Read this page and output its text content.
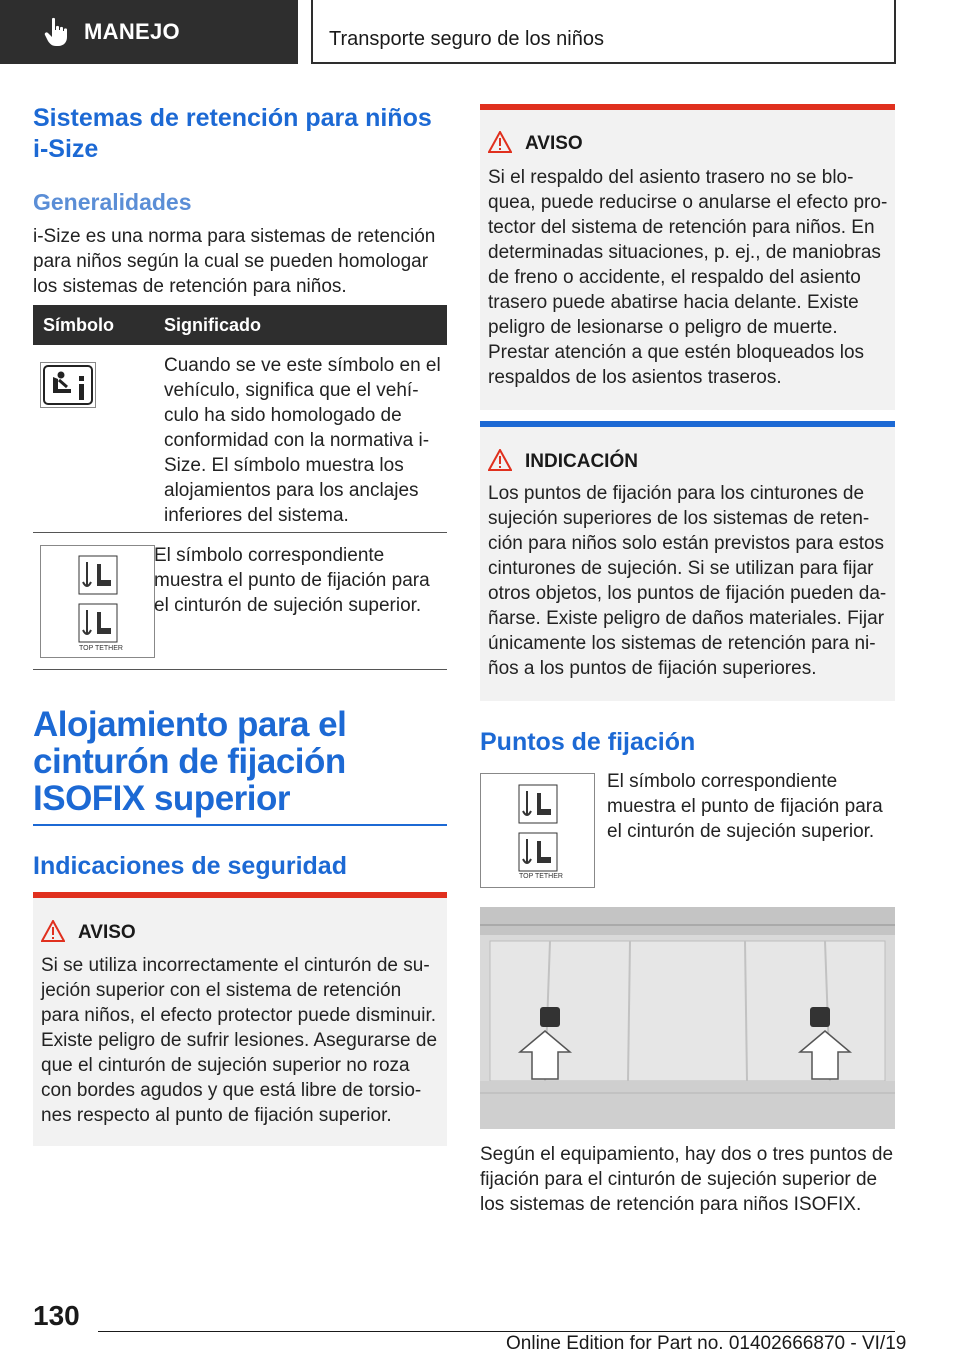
MANEJO	Transporte seguro de los niños
Sistemas de retención para niños i-Size
Generalidades

i-Size es una norma para sistemas de retención para niños según la cual se pueden homologar los sistemas de retención para niños.

Símbolo	Significado

Cuando se ve este símbolo en el vehículo, significa que el vehículo ha sido homologado de conformidad con la normativa i-Size. El símbolo muestra los alojamientos para los anclajes inferiores del sistema.

TOP TETHER

El símbolo correspondiente muestra el punto de fijación para el cinturón de sujeción superior.

Alojamiento para el cinturón de fijación ISOFIX superior
Indicaciones de seguridad
AVISO

Si se utiliza incorrectamente el cinturón de sujeción superior con el sistema de retención para niños, el efecto protector puede disminuir. Existe peligro de sufrir lesiones. Asegurarse de que el cinturón de sujeción superior no roza con bordes agudos y que está libre de torsiones respecto al punto de fijación superior.

AVISO

Si el respaldo del asiento trasero no se bloquea, puede reducirse o anularse el efecto protector del sistema de retención para niños. En determinadas situaciones, p. ej., de maniobras de freno o accidente, el respaldo del asiento trasero puede abatirse hacia delante. Existe peligro de lesionarse o peligro de muerte. Prestar atención a que estén bloqueados los respaldos de los asientos traseros.

INDICACIÓN

Los puntos de fijación para los cinturones de sujeción superiores de los sistemas de retención para niños solo están previstos para estos cinturones de sujeción. Si se utilizan para fijar otros objetos, los puntos de fijación pueden dañarse. Existe peligro de daños materiales. Fijar únicamente los sistemas de retención para niños a los puntos de fijación superiores.

Puntos de fijación
TOP TETHER

El símbolo correspondiente muestra el punto de fijación para el cinturón de sujeción superior.

Según el equipamiento, hay dos o tres puntos de fijación para el cinturón de sujeción superior de los sistemas de retención para niños ISOFIX.

130
Online Edition for Part no. 01402666870 - VI/19
